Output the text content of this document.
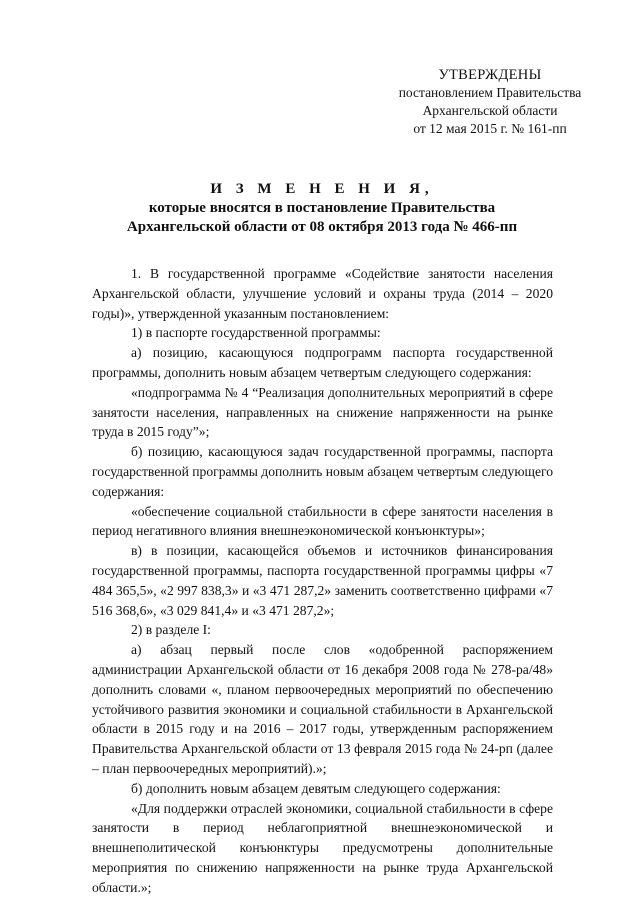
УТВЕРЖДЕНЫ
постановлением Правительства
Архангельской области
от 12 мая 2015 г. № 161-пп
И З М Е Н Е Н И Я,
которые вносятся в постановление Правительства
Архангельской области от 08 октября 2013 года № 466-пп

1. В государственной программе «Содействие занятости населения Архангельской области, улучшение условий и охраны труда (2014 – 2020 годы)», утвержденной указанным постановлением:

1) в паспорте государственной программы:

а) позицию, касающуюся подпрограмм паспорта государственной программы, дополнить новым абзацем четвертым следующего содержания:

«подпрограмма № 4 “Реализация дополнительных мероприятий в сфере занятости населения, направленных на снижение напряженности на рынке труда в 2015 году”»;

б) позицию, касающуюся задач государственной программы, паспорта государственной программы дополнить новым абзацем четвертым следующего содержания:

«обеспечение социальной стабильности в сфере занятости населения в период негативного влияния внешнеэкономической конъюнктуры»;

в) в позиции, касающейся объемов и источников финансирования государственной программы, паспорта государственной программы цифры «7 484 365,5», «2 997 838,3» и «3 471 287,2» заменить соответственно цифрами «7 516 368,6», «3 029 841,4» и «3 471 287,2»;

2) в разделе I:

а) абзац первый после слов «одобренной распоряжением администрации Архангельской области от 16 декабря 2008 года № 278-ра/48» дополнить словами «, планом первоочередных мероприятий по обеспечению устойчивого развития экономики и социальной стабильности в Архангельской области в 2015 году и на 2016 – 2017 годы, утвержденным распоряжением Правительства Архангельской области от 13 февраля 2015 года № 24-рп (далее – план первоочередных мероприятий).»;

б) дополнить новым абзацем девятым следующего содержания:

«Для поддержки отраслей экономики, социальной стабильности в сфере занятости в период неблагоприятной внешнеэкономической и внешнеполитической конъюнктуры предусмотрены дополнительные мероприятия по снижению напряженности на рынке труда Архангельской области.»;
